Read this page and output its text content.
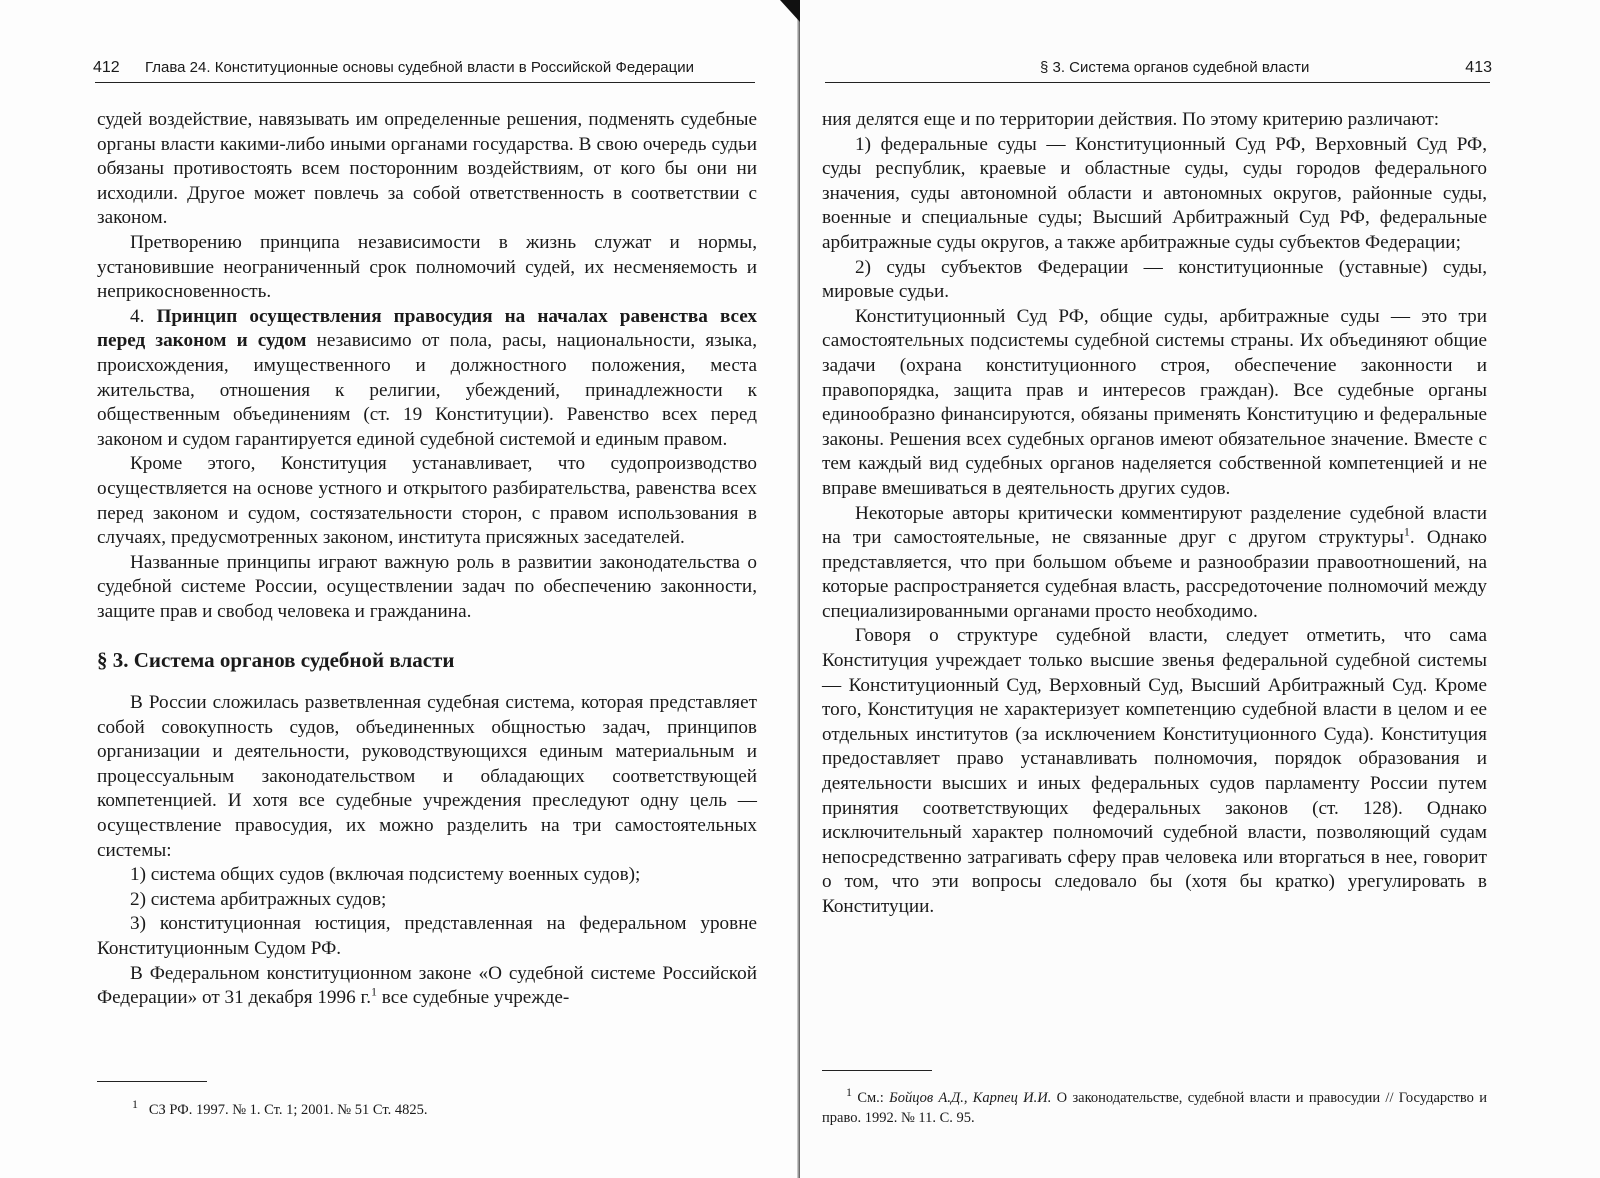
412 Глава 24. Конституционные основы судебной власти в Российской Федерации

судей воздействие, навязывать им определенные решения, подменять судебные органы власти какими-либо иными органами государства. В свою очередь судьи обязаны противостоять всем посторонним воздействиям, от кого бы они ни исходили. Другое может повлечь за собой ответственность в соответствии с законом.

Претворению принципа независимости в жизнь служат и нормы, установившие неограниченный срок полномочий судей, их несменяемость и неприкосновенность.

4. Принцип осуществления правосудия на началах равенства всех перед законом и судом независимо от пола, расы, национальности, языка, происхождения, имущественного и должностного положения, места жительства, отношения к религии, убеждений, принадлежности к общественным объединениям (ст. 19 Конституции). Равенство всех перед законом и судом гарантируется единой судебной системой и единым правом.

Кроме этого, Конституция устанавливает, что судопроизводство осуществляется на основе устного и открытого разбирательства, равенства всех перед законом и судом, состязательности сторон, с правом использования в случаях, предусмотренных законом, института присяжных заседателей.

Названные принципы играют важную роль в развитии законодательства о судебной системе России, осуществлении задач по обеспечению законности, защите прав и свобод человека и гражданина.

§ 3. Система органов судебной власти

В России сложилась разветвленная судебная система, которая представляет собой совокупность судов, объединенных общностью задач, принципов организации и деятельности, руководствующихся единым материальным и процессуальным законодательством и обладающих соответствующей компетенцией. И хотя все судебные учреждения преследуют одну цель — осуществление правосудия, их можно разделить на три самостоятельных системы:

1) система общих судов (включая подсистему военных судов);

2) система арбитражных судов;

3) конституционная юстиция, представленная на федеральном уровне Конституционным Судом РФ.

В Федеральном конституционном законе «О судебной системе Российской Федерации» от 31 декабря 1996 г.$^1$ все судебные учрежде-

$^1$ СЗ РФ. 1997. № 1. Ст. 1; 2001. № 51 Ст. 4825.
§ 3. Система органов судебной власти	413

ния делятся еще и по территории действия. По этому критерию различают:

1) федеральные суды — Конституционный Суд РФ, Верховный Суд РФ, суды республик, краевые и областные суды, суды городов федерального значения, суды автономной области и автономных округов, районные суды, военные и специальные суды; Высший Арбитражный Суд РФ, федеральные арбитражные суды округов, а также арбитражные суды субъектов Федерации;

2) суды субъектов Федерации — конституционные (уставные) суды, мировые судьи.

Конституционный Суд РФ, общие суды, арбитражные суды — это три самостоятельных подсистемы судебной системы страны. Их объединяют общие задачи (охрана конституционного строя, обеспечение законности и правопорядка, защита прав и интересов граждан). Все судебные органы единообразно финансируются, обязаны применять Конституцию и федеральные законы. Решения всех судебных органов имеют обязательное значение. Вместе с тем каждый вид судебных органов наделяется собственной компетенцией и не вправе вмешиваться в деятельность других судов.

Некоторые авторы критически комментируют разделение судебной власти на три самостоятельные, не связанные друг с другом структуры$^1$. Однако представляется, что при большом объеме и разнообразии правоотношений, на которые распространяется судебная власть, рассредоточение полномочий между специализированными органами просто необходимо.

Говоря о структуре судебной власти, следует отметить, что сама Конституция учреждает только высшие звенья федеральной судебной системы — Конституционный Суд, Верховный Суд, Высший Арбитражный Суд. Кроме того, Конституция не характеризует компетенцию судебной власти в целом и ее отдельных институтов (за исключением Конституционного Суда). Конституция предоставляет право устанавливать полномочия, порядок образования и деятельности высших и иных федеральных судов парламенту России путем принятия соответствующих федеральных законов (ст. 128). Однако исключительный характер полномочий судебной власти, позволяющий судам непосредственно затрагивать сферу прав человека или вторгаться в нее, говорит о том, что эти вопросы следовало бы (хотя бы кратко) урегулировать в Конституции.

$^1$ См.: Бойцов А.Д., Карпец И.И. О законодательстве, судебной власти и правосудии // Государство и право. 1992. № 11. С. 95.
